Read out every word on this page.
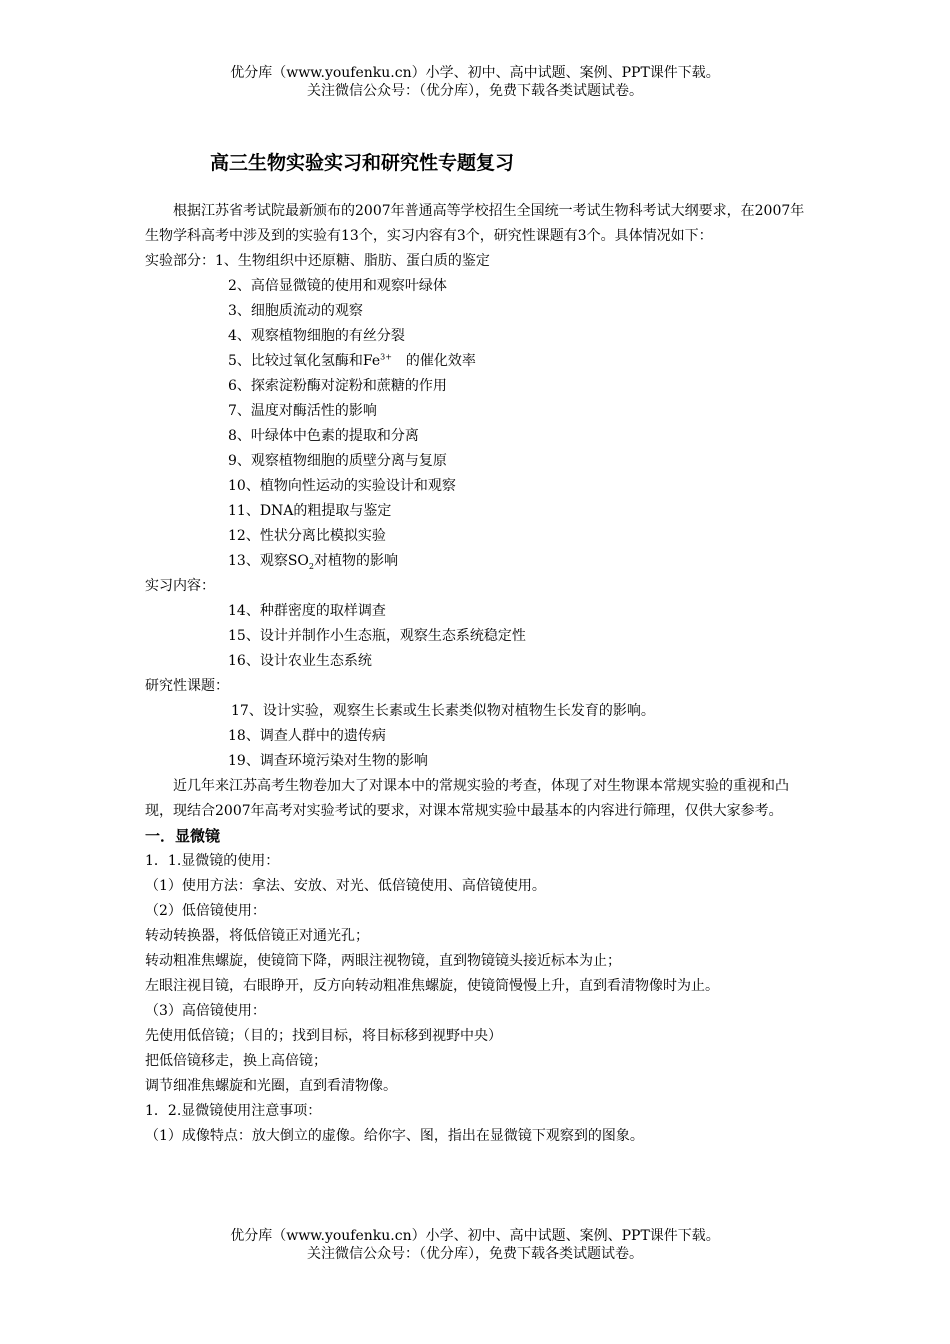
优分库（www.youfenku.cn）小学、初中、高中试题、案例、PPT课件下载。
关注微信公众号：（优分库），免费下载各类试题试卷。
高三生物实验实习和研究性专题复习

根据江苏省考试院最新颁布的2007年普通高等学校招生全国统一考试生物科考试大纲要求，在2007年生物学科高考中涉及到的实验有13个，实习内容有3个，研究性课题有3个。具体情况如下：

实验部分：1、生物组织中还原糖、脂肪、蛋白质的鉴定
2、高倍显微镜的使用和观察叶绿体
3、细胞质流动的观察
4、观察植物细胞的有丝分裂
5、比较过氧化氢酶和$Fe^{3+}$　的催化效率
6、探索淀粉酶对淀粉和蔗糖的作用
7、温度对酶活性的影响
8、叶绿体中色素的提取和分离
9、观察植物细胞的质壁分离与复原
10、植物向性运动的实验设计和观察
11、DNA的粗提取与鉴定
12、性状分离比模拟实验
13、观察$SO_2$对植物的影响
实习内容：
14、种群密度的取样调查
15、设计并制作小生态瓶，观察生态系统稳定性
16、设计农业生态系统
研究性课题：
17、设计实验，观察生长素或生长素类似物对植物生长发育的影响。
18、调查人群中的遗传病
19、调查环境污染对生物的影响

近几年来江苏高考生物卷加大了对课本中的常规实验的考查，体现了对生物课本常规实验的重视和凸现，现结合2007年高考对实验考试的要求，对课本常规实验中最基本的内容进行筛理，仅供大家参考。

一．显微镜
1．1.显微镜的使用：
（1）使用方法：拿法、安放、对光、低倍镜使用、高倍镜使用。
（2）低倍镜使用：
转动转换器，将低倍镜正对通光孔；
转动粗准焦螺旋，使镜筒下降，两眼注视物镜，直到物镜镜头接近标本为止；

左眼注视目镜，右眼睁开，反方向转动粗准焦螺旋，使镜筒慢慢上升，直到看清物像时为止。

（3）高倍镜使用：
先使用低倍镜；（目的；找到目标，将目标移到视野中央）
把低倍镜移走，换上高倍镜；
调节细准焦螺旋和光圈，直到看清物像。
1．2.显微镜使用注意事项：
（1）成像特点：放大倒立的虚像。给你字、图，指出在显微镜下观察到的图象。
优分库（www.youfenku.cn）小学、初中、高中试题、案例、PPT课件下载。
关注微信公众号：（优分库），免费下载各类试题试卷。
